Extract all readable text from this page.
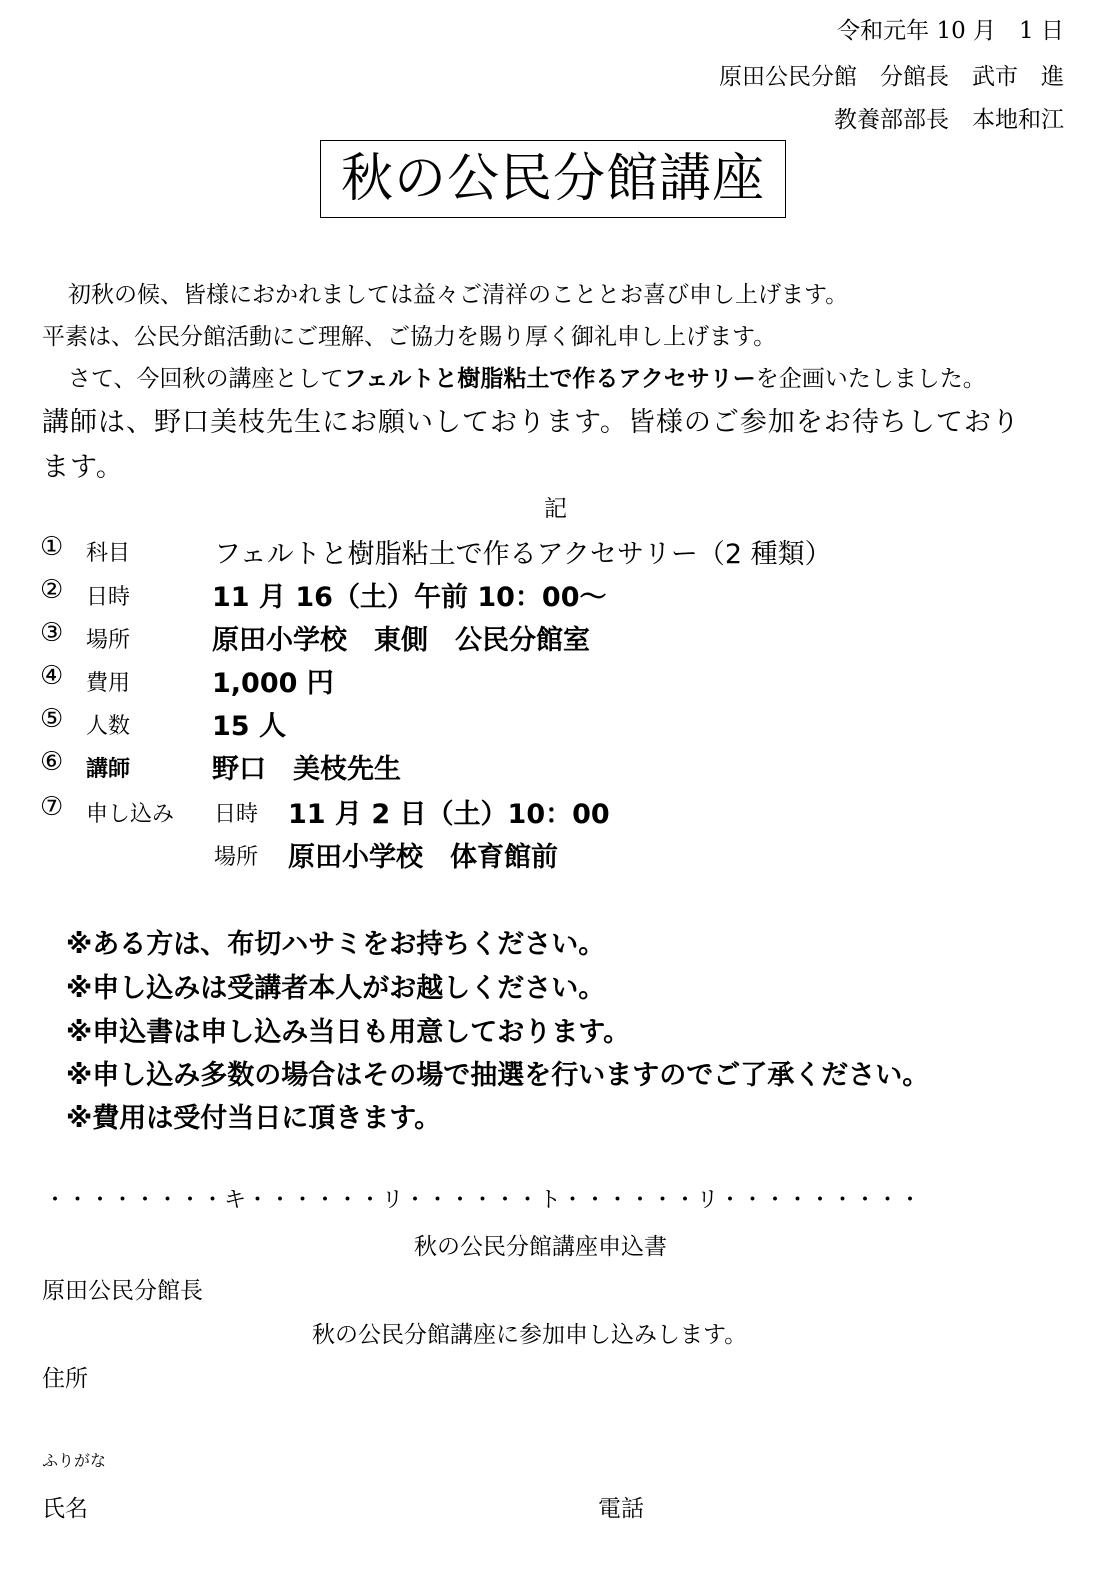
令和元年 10 月　1 日
原田公民分館　分館長　武市　進
教養部部長　本地和江
秋の公民分館講座
初秋の候、皆様におかれましては益々ご清祥のこととお喜び申し上げます。
平素は、公民分館活動にご理解、ご協力を賜り厚く御礼申し上げます。
さて、今回秋の講座としてフェルトと樹脂粘土で作るアクセサリーを企画いたしました。
講師は、野口美枝先生にお願いしております。皆様のご参加をお待ちしており
ます。
記
① 科目	フェルトと樹脂粘土で作るアクセサリー（2 種類）
② 日時	11 月 16（土）午前 10：00～
③ 場所	原田小学校　東側　公民分館室
④ 費用	1,000 円
⑤ 人数	15 人
⑥ 講師	野口　美枝先生
⑦ 申し込み 日時 11 月 2 日（土）10：00
場所 原田小学校　体育館前
※ある方は、布切ハサミをお持ちください。
※申し込みは受講者本人がお越しください。
※申込書は申し込み当日も用意しております。
※申し込み多数の場合はその場で抽選を行いますのでご了承ください。
※費用は受付当日に頂きます。
・・・・・・・・キ・・・・・・リ・・・・・・ト・・・・・・リ・・・・・・・・・
秋の公民分館講座申込書
原田公民分館長
秋の公民分館講座に参加申し込みします。
住所
ふりがな
氏名	電話
